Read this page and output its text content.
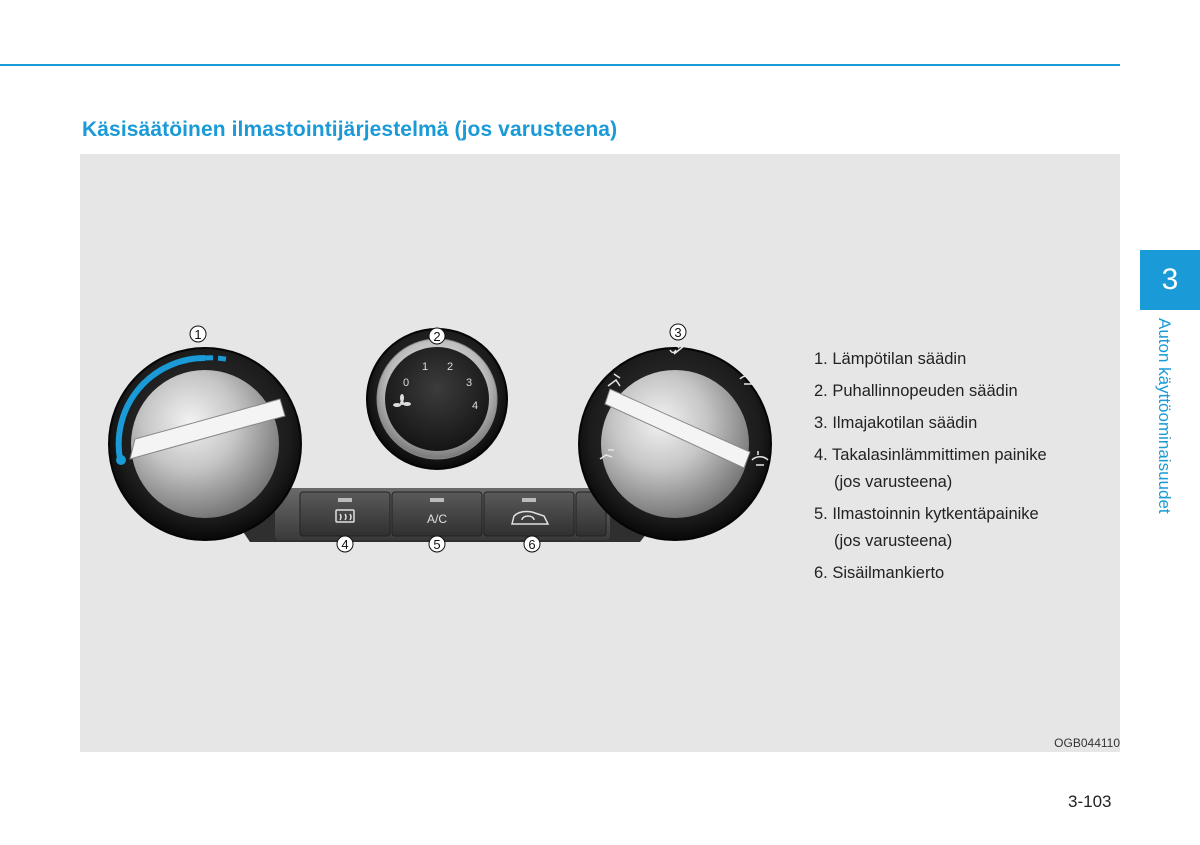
Käsisäätöinen ilmastointijärjestelmä (jos varusteena)
A/C
0
1 2
3
4
1	2	3
4	5	6
1. Lämpötilan säädin
2. Puhallinnopeuden säädin
3. Ilmajakotilan säädin
4. Takalasinlämmittimen painike
(jos varusteena)
5. Ilmastoinnin kytkentäpainike
(jos varusteena)
6. Sisäilmankierto
OGB044110
3
Auton käyttöominaisuudet
3-103
